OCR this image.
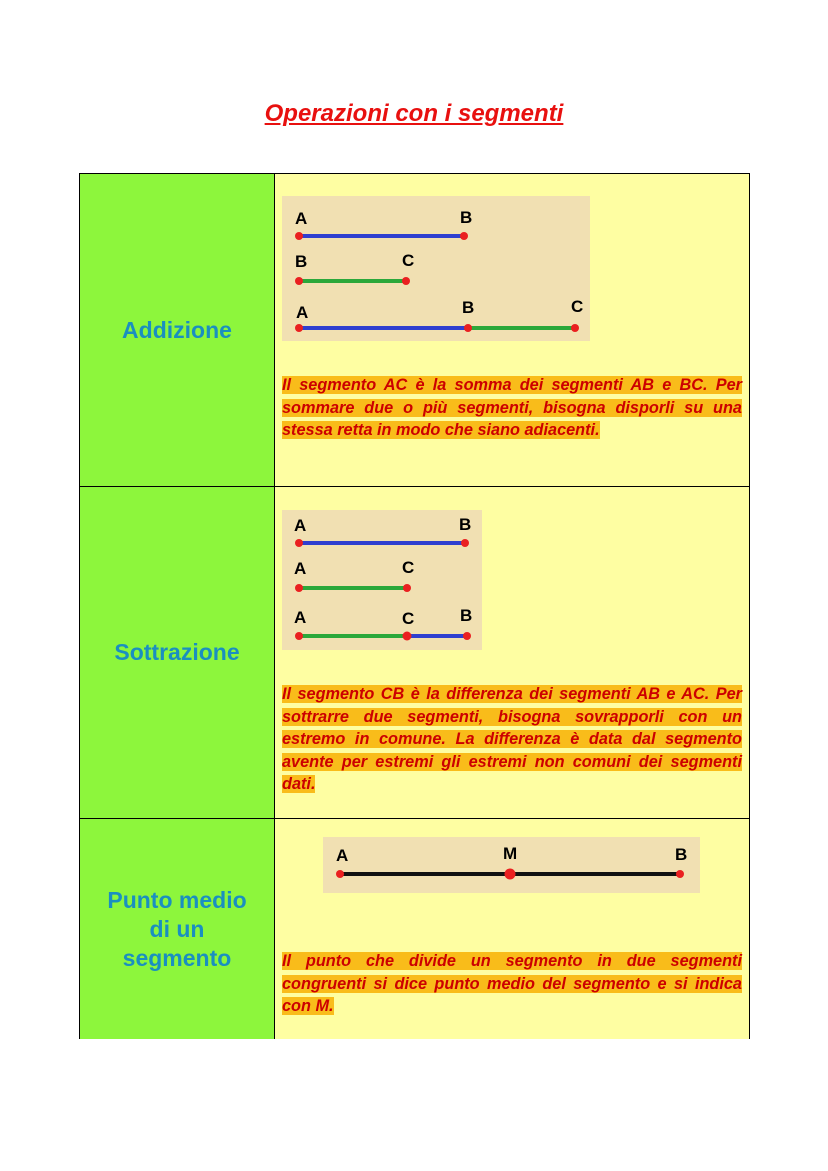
Operazioni con i segmenti
Addizione
A	B
B	C
A	B	C

Il segmento AC è la somma dei segmenti AB e BC. Per sommare due o più segmenti, bisogna disporli su una stessa retta in modo che siano adiacenti.

Sottrazione
A	B
A	C
A	C	B

Il segmento CB è la differenza dei segmenti AB e AC. Per sottrarre due segmenti, bisogna sovrapporli con un estremo in comune. La differenza è data dal segmento avente per estremi gli estremi non comuni dei segmenti dati.

Punto medio di un segmento
A	M	B

Il punto che divide un segmento in due segmenti congruenti si dice punto medio del segmento e si indica con M.
